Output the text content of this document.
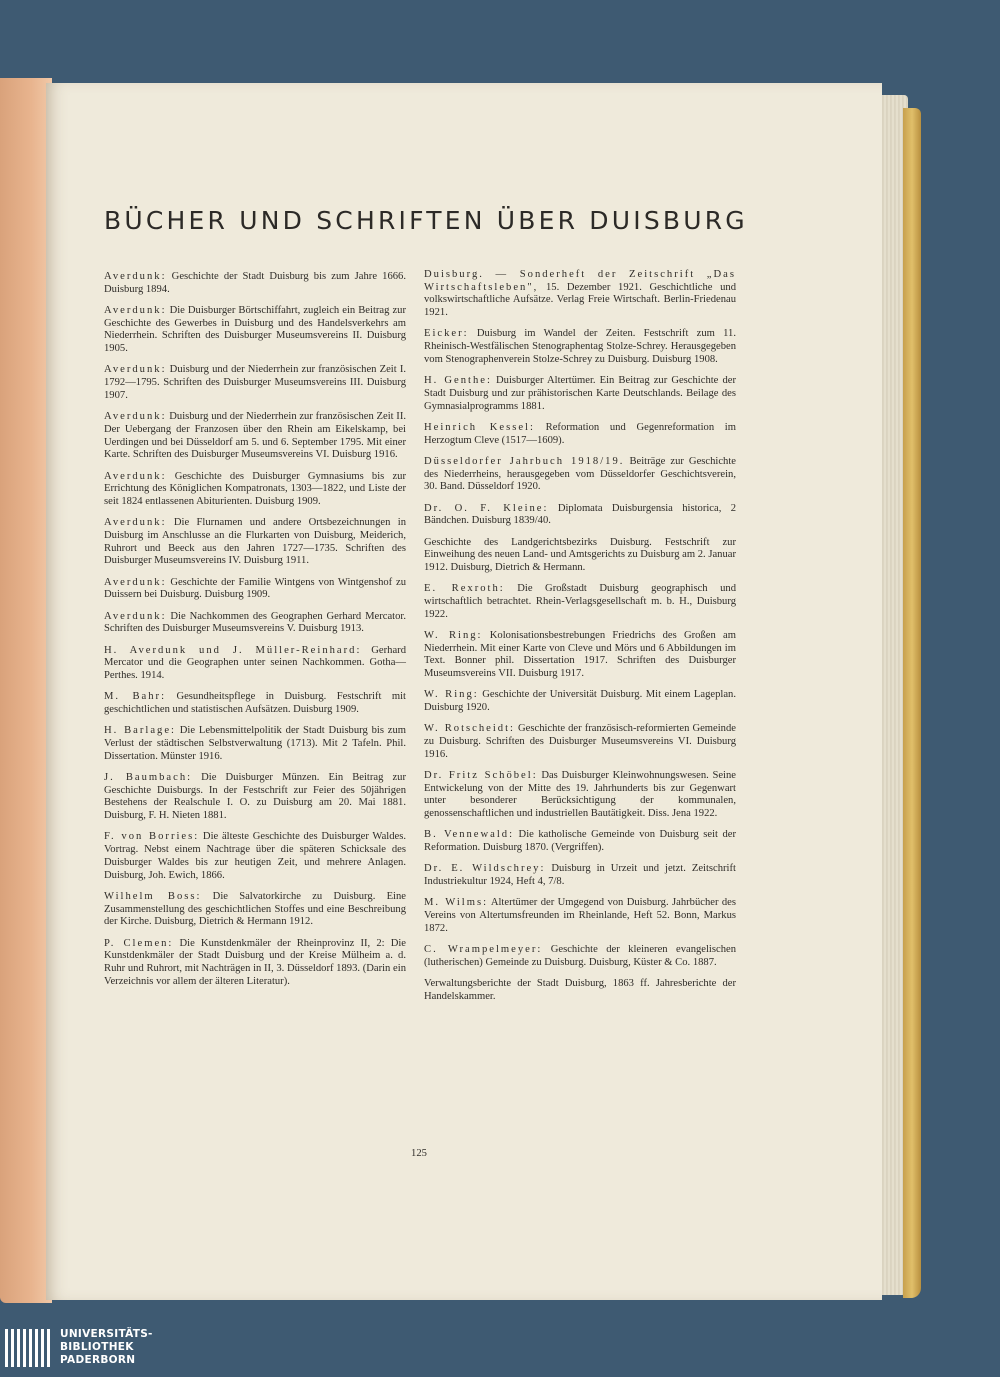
BÜCHER UND SCHRIFTEN ÜBER DUISBURG

Averdunk: Geschichte der Stadt Duisburg bis zum Jahre 1666. Duisburg 1894.

Averdunk: Die Duisburger Börtschiffahrt, zugleich ein Beitrag zur Geschichte des Gewerbes in Duisburg und des Handelsverkehrs am Niederrhein. Schriften des Duisburger Museumsvereins II. Duisburg 1905.

Averdunk: Duisburg und der Niederrhein zur französischen Zeit I. 1792—1795. Schriften des Duisburger Museumsvereins III. Duisburg 1907.

Averdunk: Duisburg und der Niederrhein zur französischen Zeit II. Der Uebergang der Franzosen über den Rhein am Eikelskamp, bei Uerdingen und bei Düsseldorf am 5. und 6. September 1795. Mit einer Karte. Schriften des Duisburger Museumsvereins VI. Duisburg 1916.

Averdunk: Geschichte des Duisburger Gymnasiums bis zur Errichtung des Königlichen Kompatronats, 1303—1822, und Liste der seit 1824 entlassenen Abiturienten. Duisburg 1909.

Averdunk: Die Flurnamen und andere Ortsbezeichnungen in Duisburg im Anschlusse an die Flurkarten von Duisburg, Meiderich, Ruhrort und Beeck aus den Jahren 1727—1735. Schriften des Duisburger Museumsvereins IV. Duisburg 1911.

Averdunk: Geschichte der Familie Wintgens von Wintgenshof zu Duissern bei Duisburg. Duisburg 1909.

Averdunk: Die Nachkommen des Geographen Gerhard Mercator. Schriften des Duisburger Museumsvereins V. Duisburg 1913.

H. Averdunk und J. Müller-Reinhard: Gerhard Mercator und die Geographen unter seinen Nachkommen. Gotha—Perthes. 1914.

M. Bahr: Gesundheitspflege in Duisburg. Festschrift mit geschichtlichen und statistischen Aufsätzen. Duisburg 1909.

H. Barlage: Die Lebensmittelpolitik der Stadt Duisburg bis zum Verlust der städtischen Selbstverwaltung (1713). Mit 2 Tafeln. Phil. Dissertation. Münster 1916.

J. Baumbach: Die Duisburger Münzen. Ein Beitrag zur Geschichte Duisburgs. In der Festschrift zur Feier des 50jährigen Bestehens der Realschule I. O. zu Duisburg am 20. Mai 1881. Duisburg, F. H. Nieten 1881.

F. von Borries: Die älteste Geschichte des Duisburger Waldes. Vortrag. Nebst einem Nachtrage über die späteren Schicksale des Duisburger Waldes bis zur heutigen Zeit, und mehrere Anlagen. Duisburg, Joh. Ewich, 1866.

Wilhelm Boss: Die Salvatorkirche zu Duisburg. Eine Zusammenstellung des geschichtlichen Stoffes und eine Beschreibung der Kirche. Duisburg, Dietrich & Hermann 1912.

P. Clemen: Die Kunstdenkmäler der Rheinprovinz II, 2: Die Kunstdenkmäler der Stadt Duisburg und der Kreise Mülheim a. d. Ruhr und Ruhrort, mit Nachträgen in II, 3. Düsseldorf 1893. (Darin ein Verzeichnis vor allem der älteren Literatur).

Duisburg. — Sonderheft der Zeitschrift „Das Wirtschaftsleben", 15. Dezember 1921. Geschichtliche und volkswirtschaftliche Aufsätze. Verlag Freie Wirtschaft. Berlin-Friedenau 1921.

Eicker: Duisburg im Wandel der Zeiten. Festschrift zum 11. Rheinisch-Westfälischen Stenographentag Stolze-Schrey. Herausgegeben vom Stenographenverein Stolze-Schrey zu Duisburg. Duisburg 1908.

H. Genthe: Duisburger Altertümer. Ein Beitrag zur Geschichte der Stadt Duisburg und zur prähistorischen Karte Deutschlands. Beilage des Gymnasialprogramms 1881.

Heinrich Kessel: Reformation und Gegenreformation im Herzogtum Cleve (1517—1609).

Düsseldorfer Jahrbuch 1918/19. Beiträge zur Geschichte des Niederrheins, herausgegeben vom Düsseldorfer Geschichtsverein, 30. Band. Düsseldorf 1920.

Dr. O. F. Kleine: Diplomata Duisburgensia historica, 2 Bändchen. Duisburg 1839/40.

Geschichte des Landgerichtsbezirks Duisburg. Festschrift zur Einweihung des neuen Land- und Amtsgerichts zu Duisburg am 2. Januar 1912. Duisburg, Dietrich & Hermann.

E. Rexroth: Die Großstadt Duisburg geographisch und wirtschaftlich betrachtet. Rhein-Verlagsgesellschaft m. b. H., Duisburg 1922.

W. Ring: Kolonisationsbestrebungen Friedrichs des Großen am Niederrhein. Mit einer Karte von Cleve und Mörs und 6 Abbildungen im Text. Bonner phil. Dissertation 1917. Schriften des Duisburger Museumsvereins VII. Duisburg 1917.

W. Ring: Geschichte der Universität Duisburg. Mit einem Lageplan. Duisburg 1920.

W. Rotscheidt: Geschichte der französisch-reformierten Gemeinde zu Duisburg. Schriften des Duisburger Museumsvereins VI. Duisburg 1916.

Dr. Fritz Schöbel: Das Duisburger Kleinwohnungswesen. Seine Entwickelung von der Mitte des 19. Jahrhunderts bis zur Gegenwart unter besonderer Berücksichtigung der kommunalen, genossenschaftlichen und industriellen Bautätigkeit. Diss. Jena 1922.

B. Vennewald: Die katholische Gemeinde von Duisburg seit der Reformation. Duisburg 1870. (Vergriffen).

Dr. E. Wildschrey: Duisburg in Urzeit und jetzt. Zeitschrift Industriekultur 1924, Heft 4, 7/8.

M. Wilms: Altertümer der Umgegend von Duisburg. Jahrbücher des Vereins von Altertumsfreunden im Rheinlande, Heft 52. Bonn, Markus 1872.

C. Wrampelmeyer: Geschichte der kleineren evangelischen (lutherischen) Gemeinde zu Duisburg. Duisburg, Küster & Co. 1887.

Verwaltungsberichte der Stadt Duisburg, 1863 ff. Jahresberichte der Handelskammer.

125
UNIVERSITÄTS-
BIBLIOTHEK
PADERBORN
